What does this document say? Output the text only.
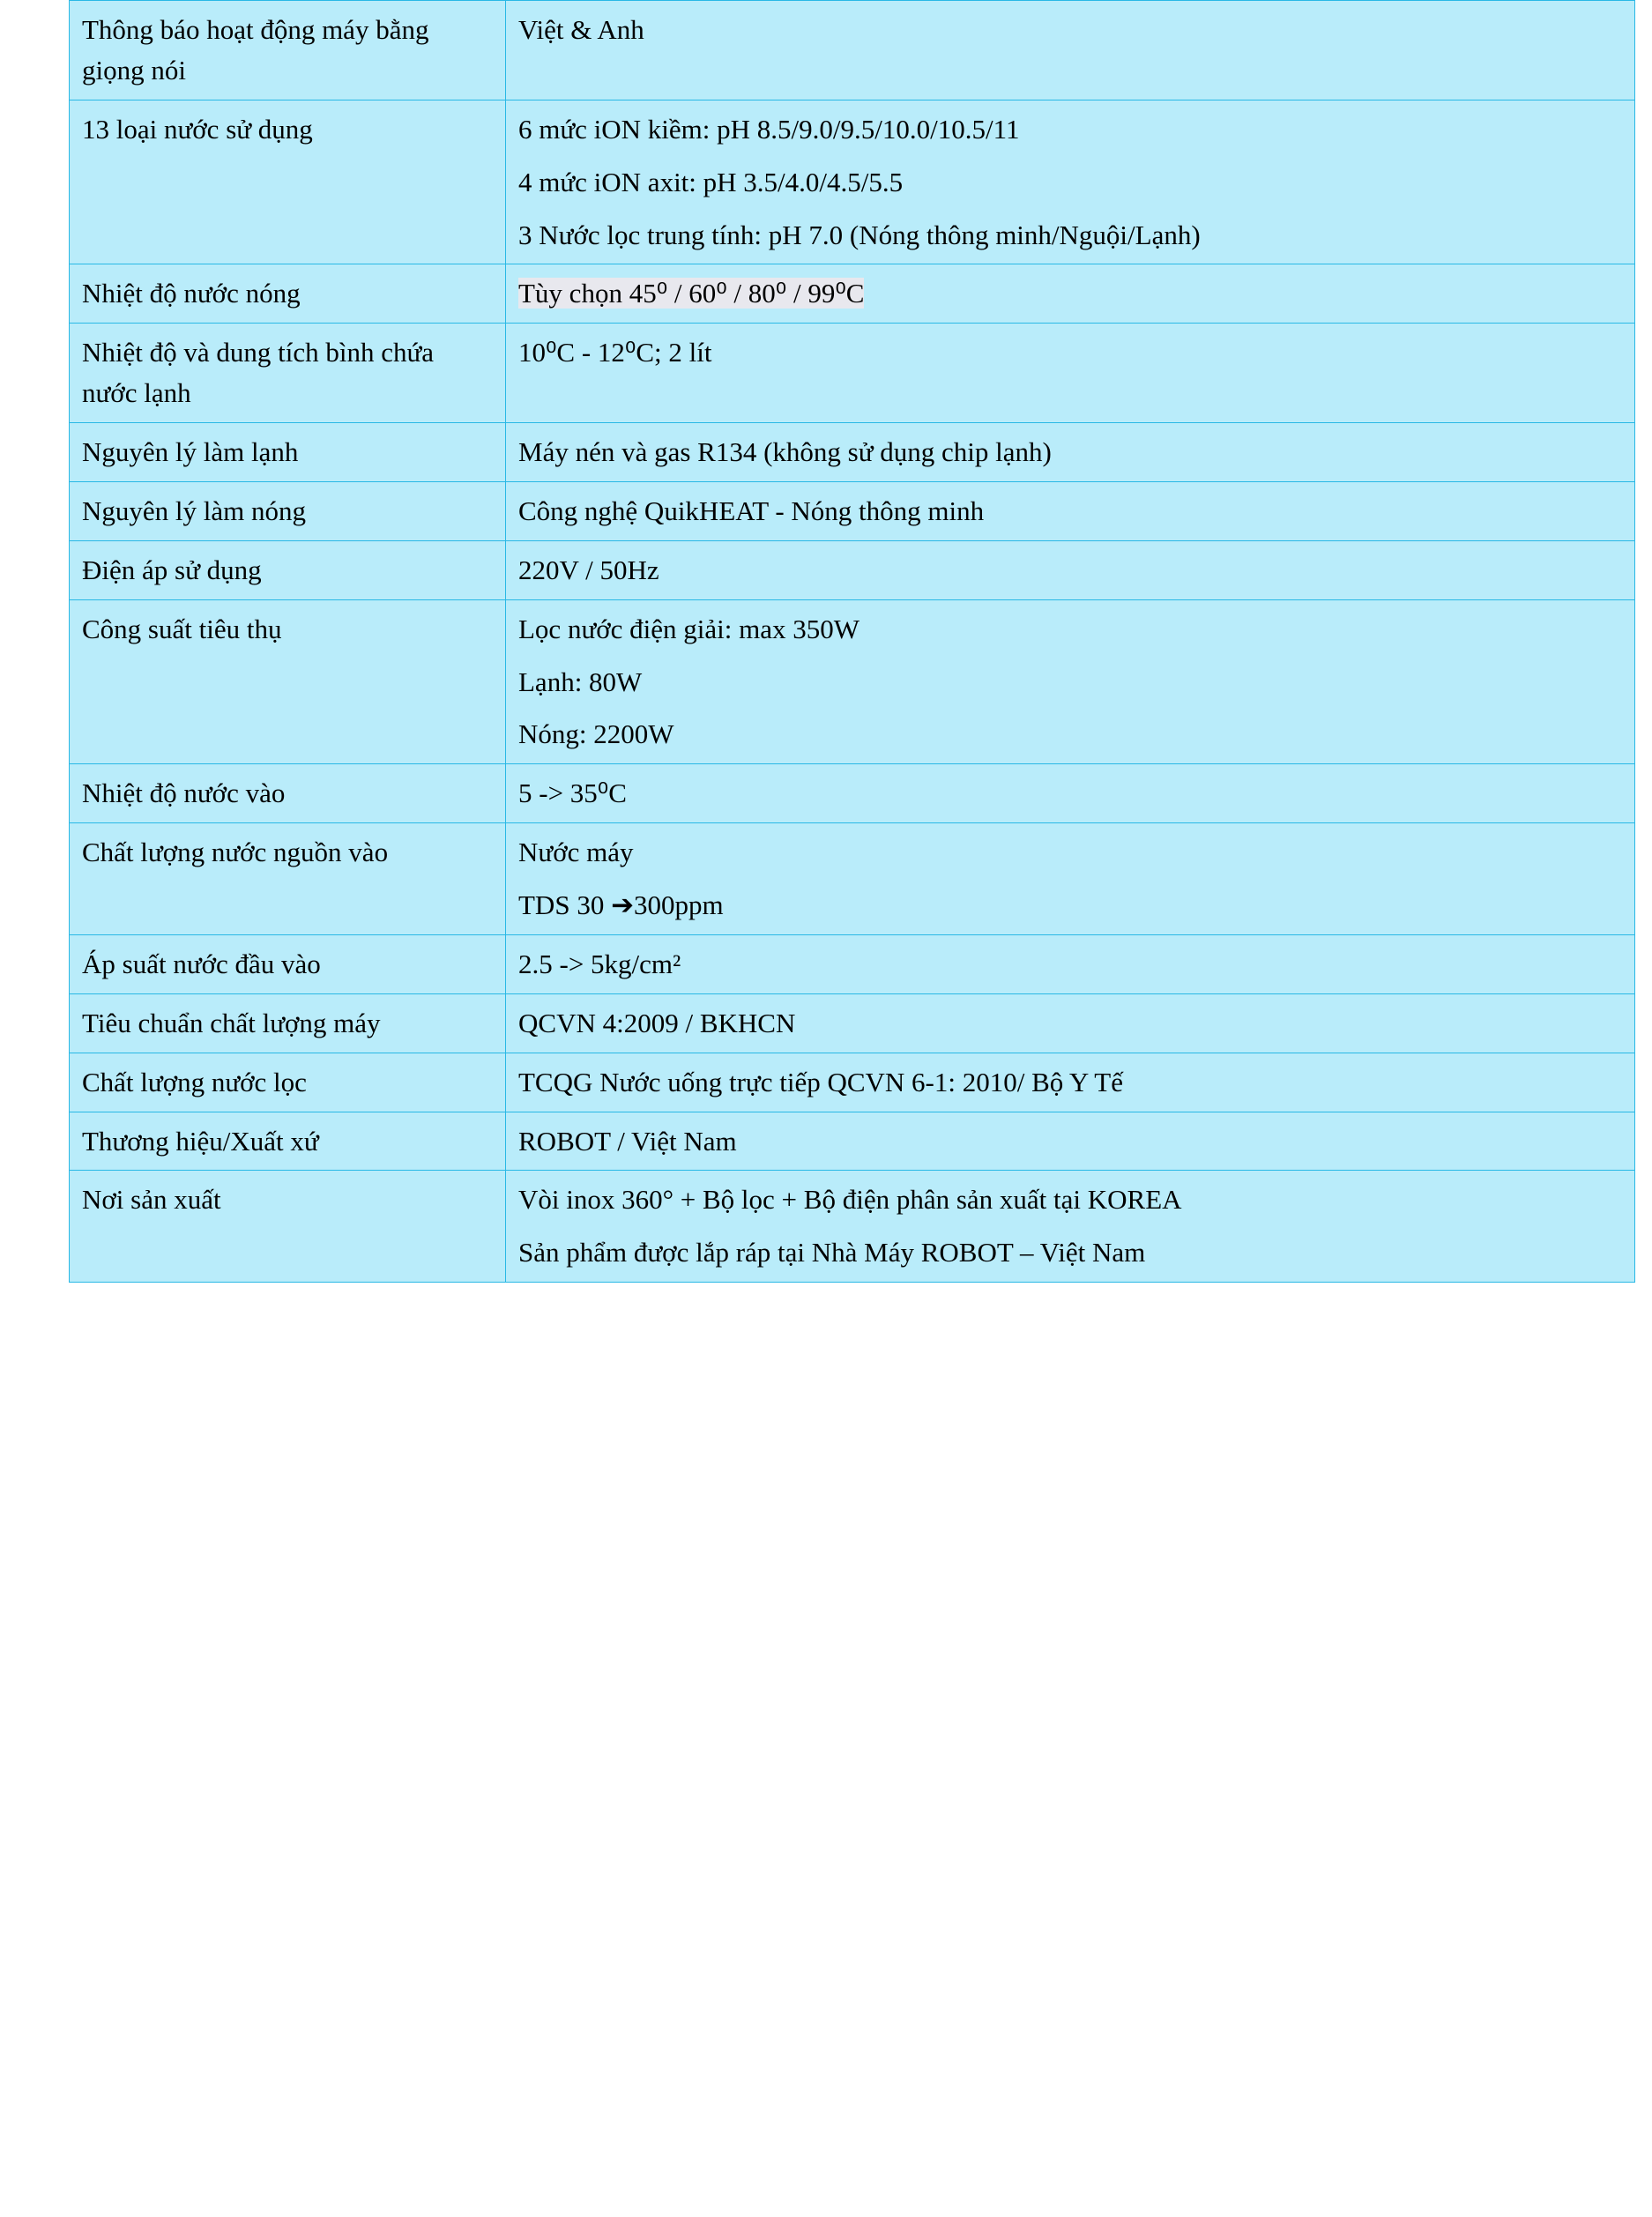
Thông báo hoạt động máy bằng giọng nói	Việt & Anh

13 loại nước sử dụng	6 mức iON kiềm: pH 8.5/9.0/9.5/10.0/10.5/11

4 mức iON axit: pH 3.5/4.0/4.5/5.5

3 Nước lọc trung tính: pH 7.0 (Nóng thông minh/Nguội/Lạnh)

Nhiệt độ nước nóng	Tùy chọn 45⁰ / 60⁰ / 80⁰ / 99⁰C

Nhiệt độ và dung tích bình chứa nước lạnh	10⁰C - 12⁰C; 2 lít

Nguyên lý làm lạnh	Máy nén và gas R134 (không sử dụng chip lạnh)

Nguyên lý làm nóng	Công nghệ QuikHEAT - Nóng thông minh

Điện áp sử dụng	220V / 50Hz

Công suất tiêu thụ	Lọc nước điện giải: max 350W

Lạnh: 80W

Nóng: 2200W

Nhiệt độ nước vào	5 -> 35⁰C

Chất lượng nước nguồn vào	Nước máy

TDS 30 ➔300ppm

Áp suất nước đầu vào	2.5 -> 5kg/cm²

Tiêu chuẩn chất lượng máy	QCVN 4:2009 / BKHCN

Chất lượng nước lọc	TCQG Nước uống trực tiếp QCVN 6-1: 2010/ Bộ Y Tế

Thương hiệu/Xuất xứ	ROBOT / Việt Nam

Nơi sản xuất	Vòi inox 360° + Bộ lọc + Bộ điện phân sản xuất tại KOREA

Sản phẩm được lắp ráp tại Nhà Máy ROBOT – Việt Nam
